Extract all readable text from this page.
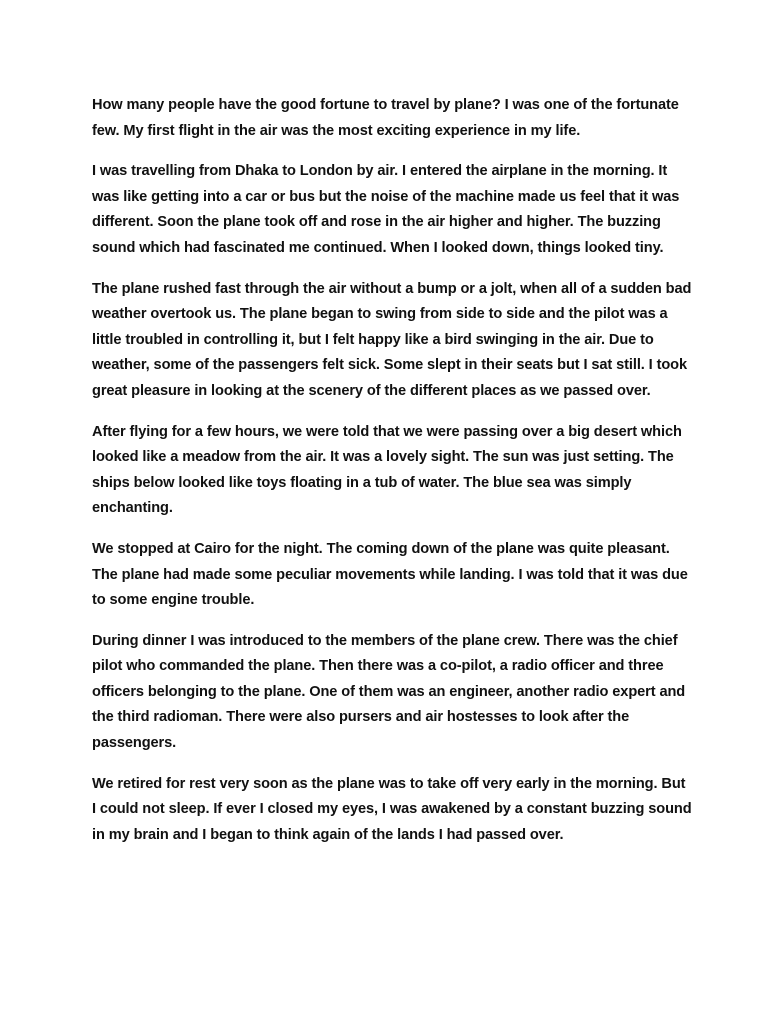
How many people have the good fortune to travel by plane? I was one of the fortunate few. My first flight in the air was the most exciting experience in my life.

I was travelling from Dhaka to London by air. I entered the airplane in the morning. It was like getting into a car or bus but the noise of the machine made us feel that it was different. Soon the plane took off and rose in the air higher and higher. The buzzing sound which had fascinated me continued. When I looked down, things looked tiny.

The plane rushed fast through the air without a bump or a jolt, when all of a sudden bad weather overtook us. The plane began to swing from side to side and the pilot was a little troubled in controlling it, but I felt happy like a bird swinging in the air. Due to weather, some of the passengers felt sick. Some slept in their seats but I sat still. I took great pleasure in looking at the scenery of the different places as we passed over.

After flying for a few hours, we were told that we were passing over a big desert which looked like a meadow from the air. It was a lovely sight. The sun was just setting. The ships below looked like toys floating in a tub of water. The blue sea was simply enchanting.

We stopped at Cairo for the night. The coming down of the plane was quite pleasant. The plane had made some peculiar movements while landing. I was told that it was due to some engine trouble.

During dinner I was introduced to the members of the plane crew. There was the chief pilot who commanded the plane. Then there was a co-pilot, a radio officer and three officers belonging to the plane. One of them was an engineer, another radio expert and the third radioman. There were also pursers and air hostesses to look after the passengers.

We retired for rest very soon as the plane was to take off very early in the morning. But I could not sleep. If ever I closed my eyes, I was awakened by a constant buzzing sound in my brain and I began to think again of the lands I had passed over.
